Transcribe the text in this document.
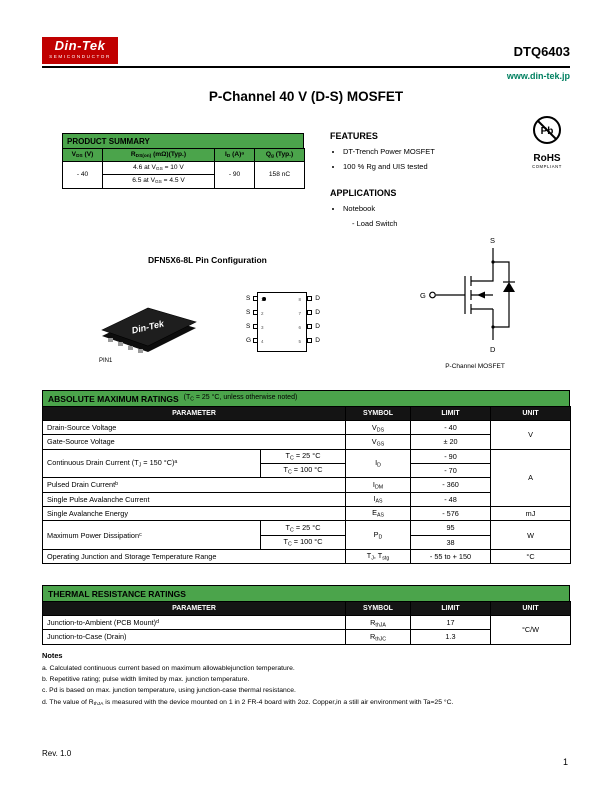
Din-Tek
SEMICONDUCTOR	DTQ6403
www.din-tek.jp
P-Channel 40 V (D-S) MOSFET
PRODUCT SUMMARY
$V_{DS}$ (V)	$R_{DS(on)}$ (mΩ)(Typ.)	$I_D$ $(A)^a$	$Q_g$ (Typ.)
- 40	4.6 at $V_{GS} = 10$ V	- 90	158 nC
	6.5 at $V_{GS} = 4.5$ V		
FEATURES
• DT-Trench Power MOSFET
• 100 % Rg and UIS tested
Pb
RoHS
COMPLIANT
APPLICATIONS
• Notebook
- Load Switch
DFN5X6-8L Pin Configuration
Din-Tek
PIN1
S 1	8 D
S 2	7 D
S 3	6 D
G 4	5 D
S
G
D
P-Channel MOSFET
ABSOLUTE MAXIMUM RATINGS ($T_C = 25$ °C, unless otherwise noted)
PARAMETER		SYMBOL	LIMIT	UNIT
Drain-Source Voltage		$V_{DS}$	- 40	V
Gate-Source Voltage		$V_{GS}$	± 20	
Continuous Drain Current ($T_J = 150$ °C)$^a$	$T_C = 25$ °C	$I_D$	- 90	A
	$T_C = 100$ °C		- 70	
Pulsed Drain Current$^b$		$I_{DM}$	- 360	
Single Pulse Avalanche Current		$I_{AS}$	- 48	
Single Avalanche Energy		$E_{AS}$	- 576	mJ
Maximum Power Dissipation$^c$	$T_C = 25$ °C	$P_D$	95	W
	$T_C = 100$ °C		38	
Operating Junction and Storage Temperature Range		$T_J$, $T_{stg}$	- 55 to + 150	°C
THERMAL RESISTANCE RATINGS
PARAMETER	SYMBOL	LIMIT	UNIT
Junction-to-Ambient (PCB Mount)$^d$	$R_{thJA}$	17	°C/W
Junction-to-Case (Drain)	$R_{thJC}$	1.3	
Notes
a. Calculated continuous current based on maximum allowablejunction temperature.
b. Repetitive rating; pulse width limited by max. junction temperature.
c. Pd is based on max. junction temperature, using junction-case thermal resistance.
d. The value of $R_{thJA}$ is measured with the device mounted on 1 in 2 FR-4 board with 2oz. Copper,in a still air environment with Ta=25 °C.
Rev. 1.0
1
